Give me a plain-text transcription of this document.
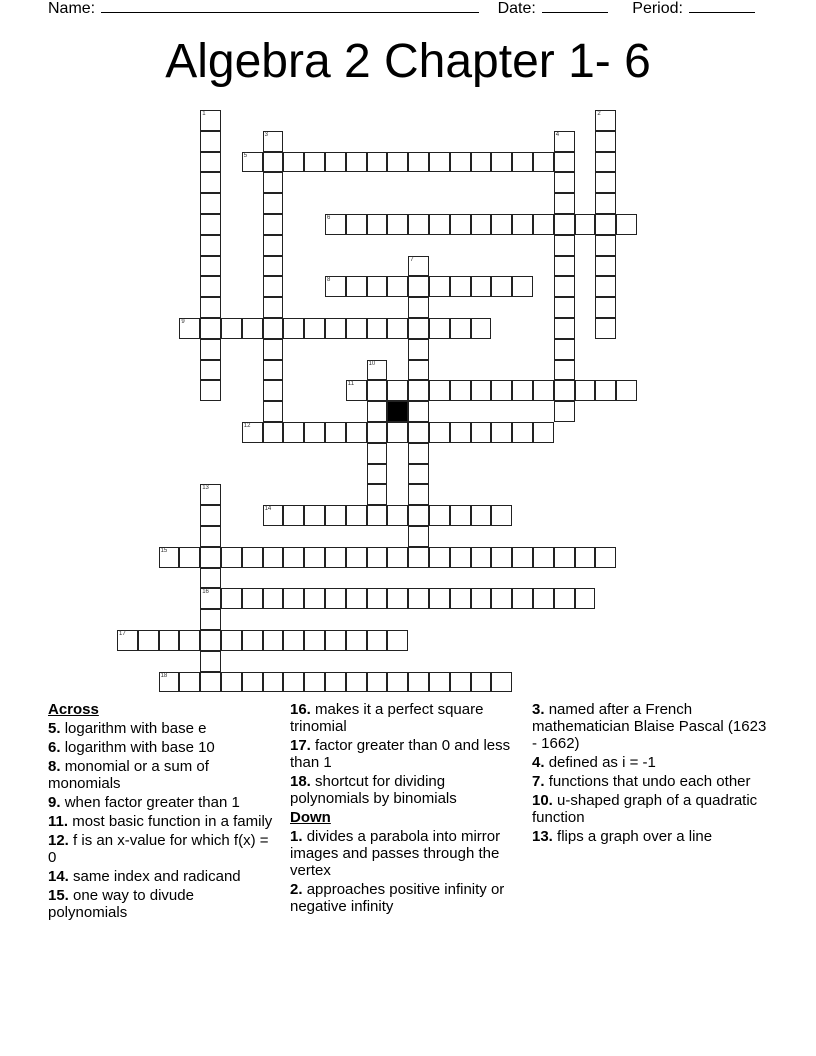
Name:	Date:	Period:
Algebra 2 Chapter 1- 6
1	2
3	4
5
6
7
8
9
10
11
12
13
16
14
15
17
18
Across
5. logarithm with base e
6. logarithm with base 10
8. monomial or a sum of monomials
9. when factor greater than 1
11. most basic function in a family
12. f is an x-value for which f(x) = 0
14. same index and radicand
15. one way to divude polynomials
16. makes it a perfect square trinomial
17. factor greater than 0 and less than 1
18. shortcut for dividing polynomials by binomials
Down
1. divides a parabola into mirror images and passes through the vertex
2. approaches positive infinity or negative infinity
3. named after a French mathematician Blaise Pascal (1623 - 1662)
4. defined as i = -1
7. functions that undo each other
10. u-shaped graph of a quadratic function
13. flips a graph over a line
